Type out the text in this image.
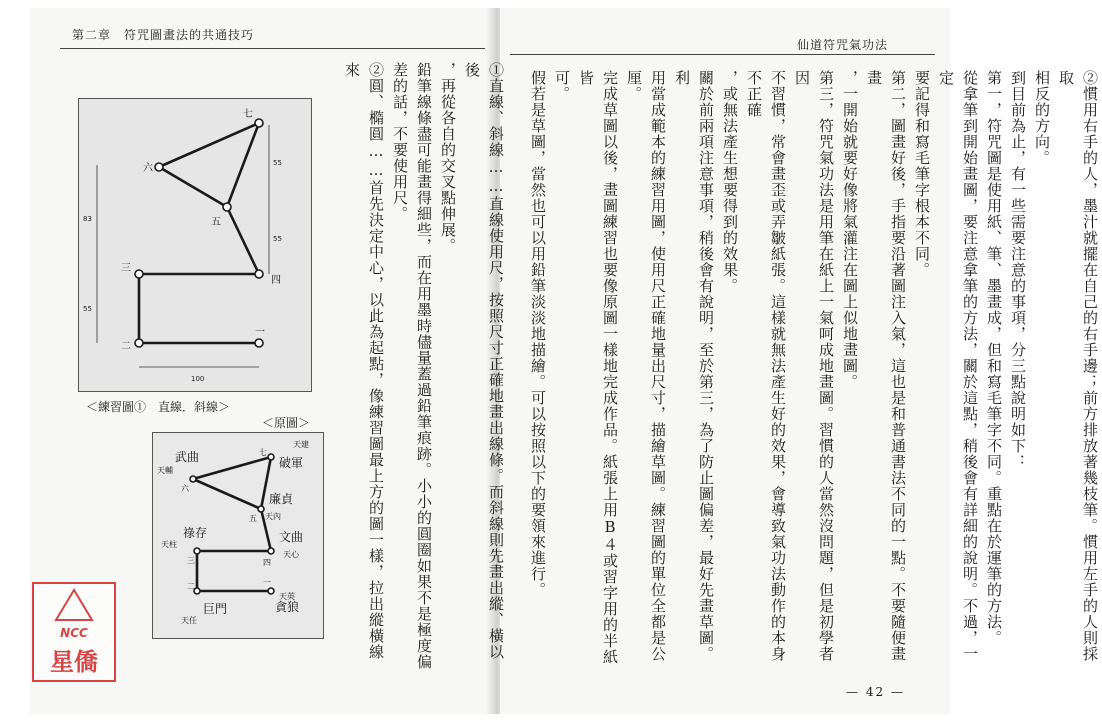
第二章　符咒圖畫法的共通技巧
仙道符咒氣功法
①直線、斜線……直線使用尺，按照尺寸正確地畫出線條。而斜線則先畫出縱、橫以後
，再從各自的交叉點伸展。
鉛筆線條盡可能畫得細些，而在用墨時儘量蓋過鉛筆痕跡。小小的圓圈如果不是極度偏
差的話，不要使用尺。
②圓、橢圓……首先決定中心，以此為起點，像練習圖最上方的圖一樣，拉出縱橫線來
七
六
五
三
四
二
一
55
55
83
55
100
＜練習圖①　直線．斜線＞
＜原圖＞
武曲	破軍
廉貞
祿存	文曲
巨門	貪狼
天輔
天建
天內
天柱
天心
天任
天英
七
六
五
三	四
二	一
NCC
星僑	②慣用右手的人，墨汁就擺在自己的右手邊；前方排放著幾枝筆。慣用左手的人則採取
相反的方向。
到目前為止，有一些需要注意的事項，分三點說明如下：
第一，符咒圖是使用紙、筆、墨畫成，但和寫毛筆字不同。重點在於運筆的方法。
從拿筆到開始畫圖，要注意拿筆的方法，關於這點，稍後會有詳細的說明。不過，一定
要記得和寫毛筆字根本不同。
第二，圖畫好後，手指要沿著圖注入氣，這也是和普通書法不同的一點。不要隨便畫畫
，一開始就要好像將氣灌注在圖上似地畫圖。
第三，符咒氣功法是用筆在紙上一氣呵成地畫圖。習慣的人當然沒問題，但是初學者因
不習慣，常會畫歪或弄皺紙張。這樣就無法產生好的效果，會導致氣功法動作的本身不正確
，或無法產生想要得到的效果。
關於前兩項注意事項，稍後會有說明，至於第三，為了防止圖偏差，最好先畫草圖。利
用當成範本的練習用圖，使用尺正確地量出尺寸，描繪草圖。練習圖的單位全都是公厘。
完成草圖以後，畫圖練習也要像原圖一樣地完成作品。紙張上用B４或習字用的半紙皆
可。
假若是草圖，當然也可以用鉛筆淡淡地描繪。可以按照以下的要領來進行。
— 42 —
